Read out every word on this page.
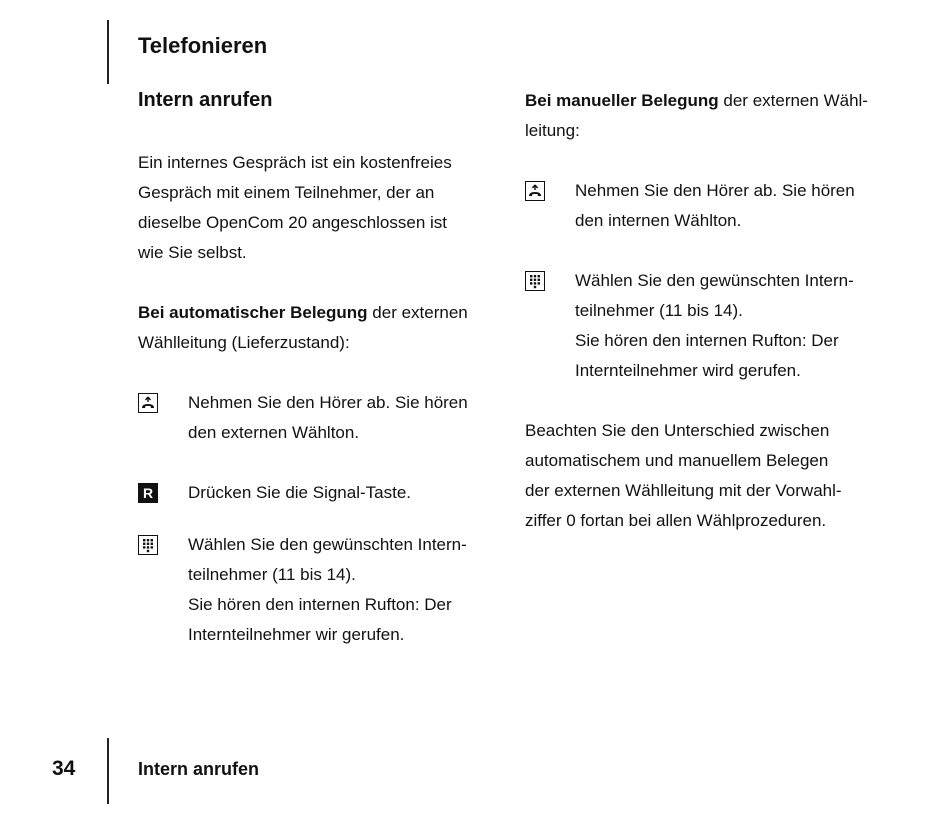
Telefonieren
Intern anrufen

Ein internes Gespräch ist ein kostenfreies
Gespräch mit einem Teilnehmer, der an
dieselbe OpenCom 20 angeschlossen ist
wie Sie selbst.

Bei automatischer Belegung der externen
Wählleitung (Lieferzustand):

Nehmen Sie den Hörer ab. Sie hören
den externen Wählton.
R Drücken Sie die Signal-Taste.
Wählen Sie den gewünschten Intern-
teilnehmer (11 bis 14).
Sie hören den internen Rufton: Der
Internteilnehmer wir gerufen.

Bei manueller Belegung der externen Wähl-
leitung:

Nehmen Sie den Hörer ab. Sie hören
den internen Wählton.
Wählen Sie den gewünschten Intern-
teilnehmer (11 bis 14).
Sie hören den internen Rufton: Der
Internteilnehmer wird gerufen.

Beachten Sie den Unterschied zwischen
automatischem und manuellem Belegen
der externen Wählleitung mit der Vorwahl-
ziffer 0 fortan bei allen Wählprozeduren.

34	Intern anrufen
